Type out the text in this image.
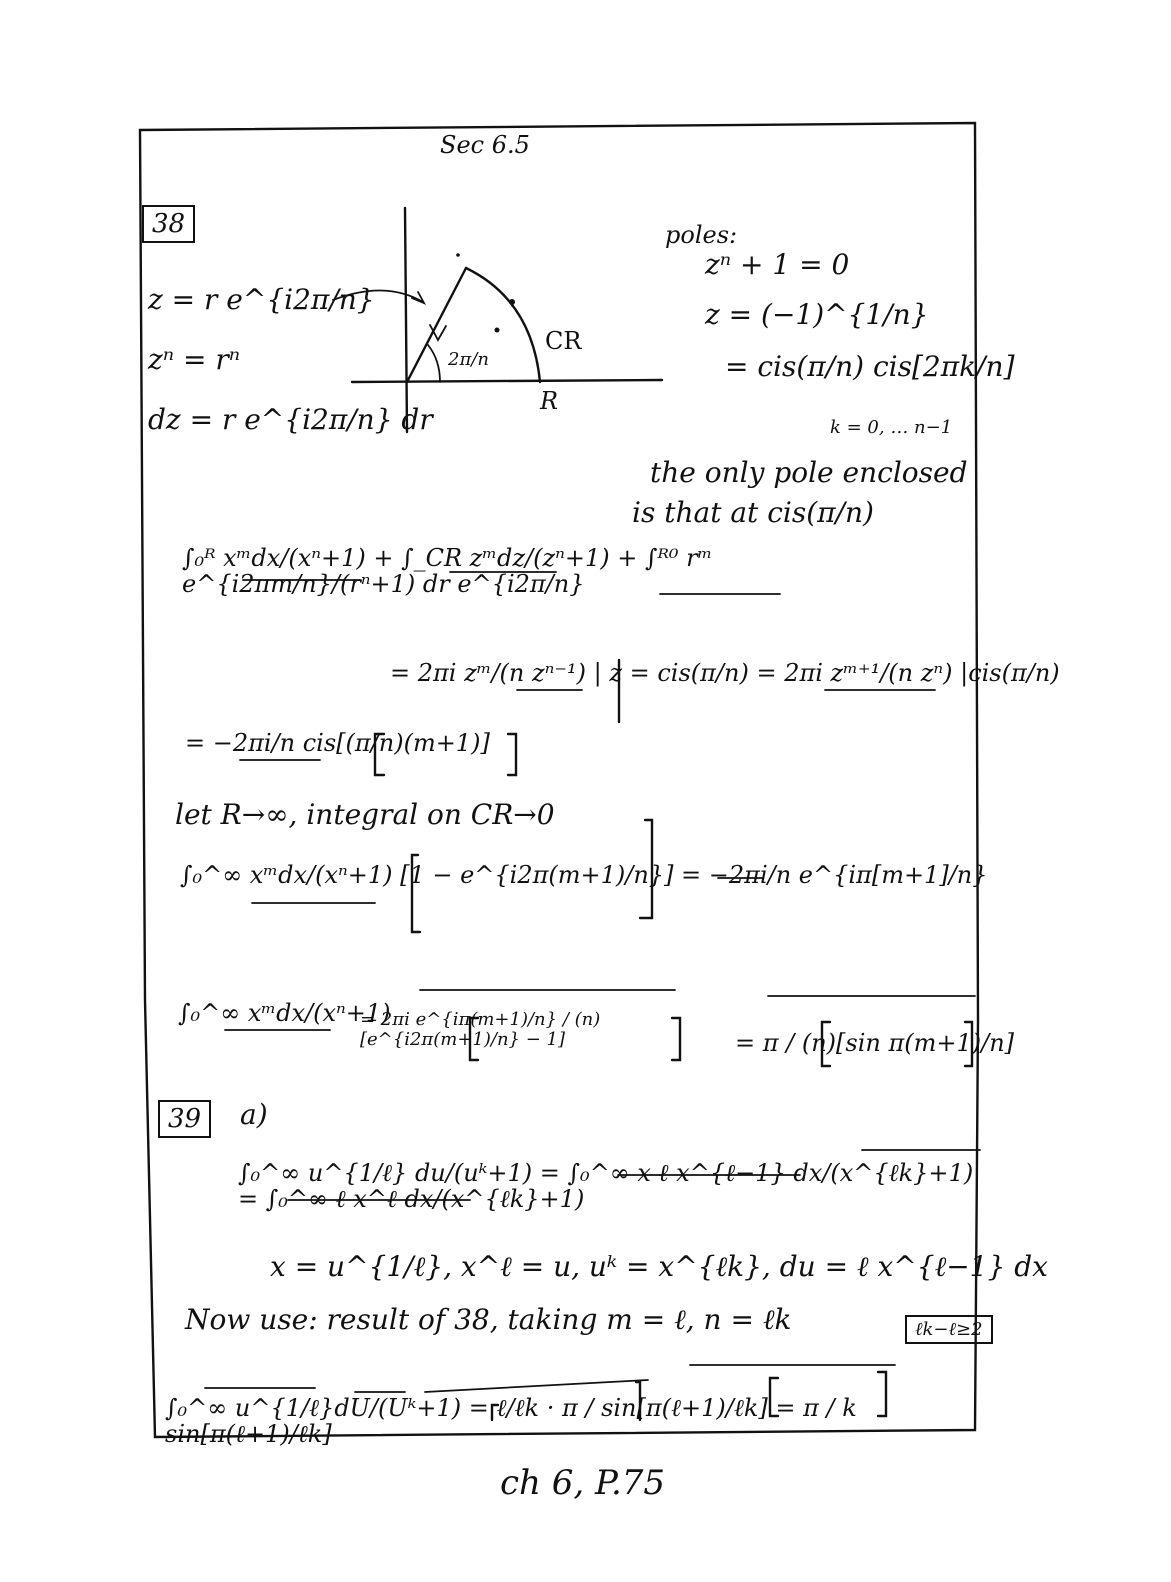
Sec 6.5
38
z = r e^{i2π/n}
zⁿ = rⁿ
dz = r e^{i2π/n} dr
2π/n
CR
R
poles:
zⁿ + 1 = 0
z = (−1)^{1/n}
= cis(π/n) cis[2πk/n]
k = 0, … n−1
the only pole enclosed
is that at cis(π/n)
∫₀ᴿ xᵐdx/(xⁿ+1) + ∫_CR zᵐdz/(zⁿ+1) + ∫ᴿ⁰ rᵐ e^{i2πm/n}/(rⁿ+1) dr e^{i2π/n}
= 2πi zᵐ/(n zⁿ⁻¹) | z = cis(π/n) = 2πi zᵐ⁺¹/(n zⁿ) |cis(π/n)
= −2πi/n cis[(π/n)(m+1)]
let R→∞, integral on CR→0
∫₀^∞ xᵐdx/(xⁿ+1) [1 − e^{i2π(m+1)/n}] = −2πi/n e^{iπ[m+1]/n}
∫₀^∞ xᵐdx/(xⁿ+1)
= 2πi e^{iπ(m+1)/n} / (n)[e^{i2π(m+1)/n} − 1]	= π / (n)[sin π(m+1)/n]
39	a)
∫₀^∞ u^{1/ℓ} du/(uᵏ+1) = ∫₀^∞ x ℓ x^{ℓ−1} dx/(x^{ℓk}+1) = ∫₀^∞ ℓ x^ℓ dx/(x^{ℓk}+1)
x = u^{1/ℓ}, x^ℓ = u, uᵏ = x^{ℓk}, du = ℓ x^{ℓ−1} dx
Now use: result of 38, taking m = ℓ, n = ℓk	ℓk−ℓ≥2
∫₀^∞ u^{1/ℓ}dU/(Uᵏ+1) = ℓ/ℓk · π / sin[π(ℓ+1)/ℓk] = π / k sin[π(ℓ+1)/ℓk]
ch 6, P.75
